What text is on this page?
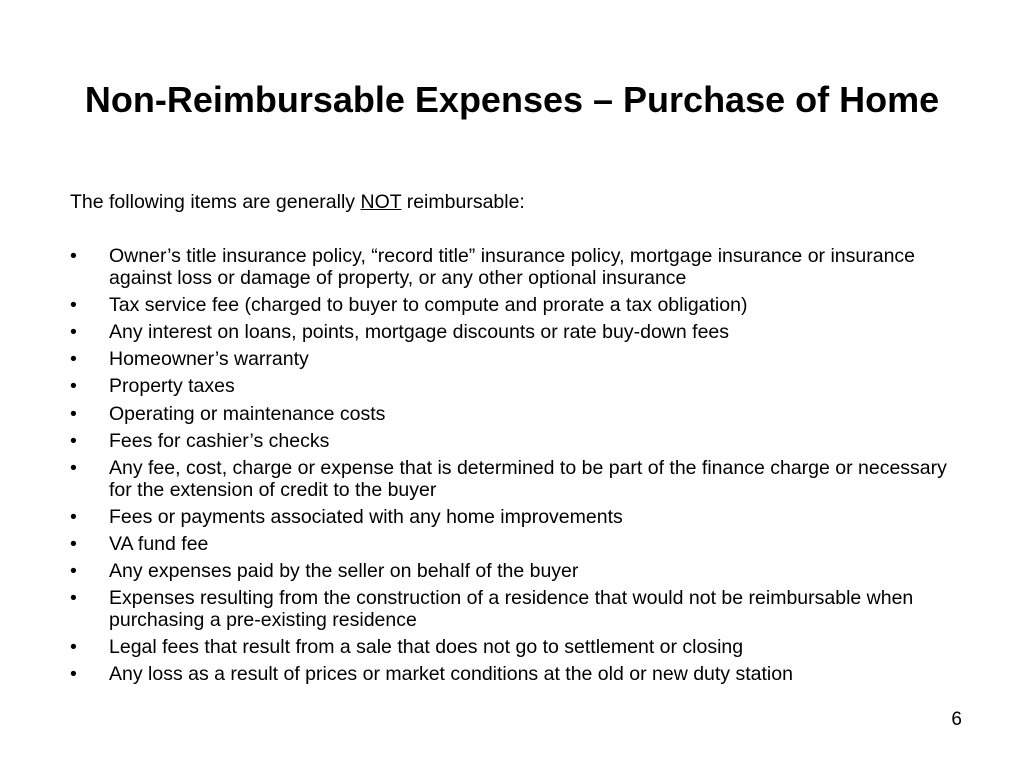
Non-Reimbursable Expenses – Purchase of Home

The following items are generally NOT reimbursable:

• Owner’s title insurance policy, “record title” insurance policy, mortgage insurance or insurance against loss or damage of property, or any other optional insurance
• Tax service fee (charged to buyer to compute and prorate a tax obligation)
• Any interest on loans, points, mortgage discounts or rate buy-down fees
• Homeowner’s warranty
• Property taxes
• Operating or maintenance costs
• Fees for cashier’s checks
• Any fee, cost, charge or expense that is determined to be part of the finance charge or necessary for the extension of credit to the buyer
• Fees or payments associated with any home improvements
• VA fund fee
• Any expenses paid by the seller on behalf of the buyer
• Expenses resulting from the construction of a residence that would not be reimbursable when purchasing a pre-existing residence
• Legal fees that result from a sale that does not go to settlement or closing
• Any loss as a result of prices or market conditions at the old or new duty station
6
